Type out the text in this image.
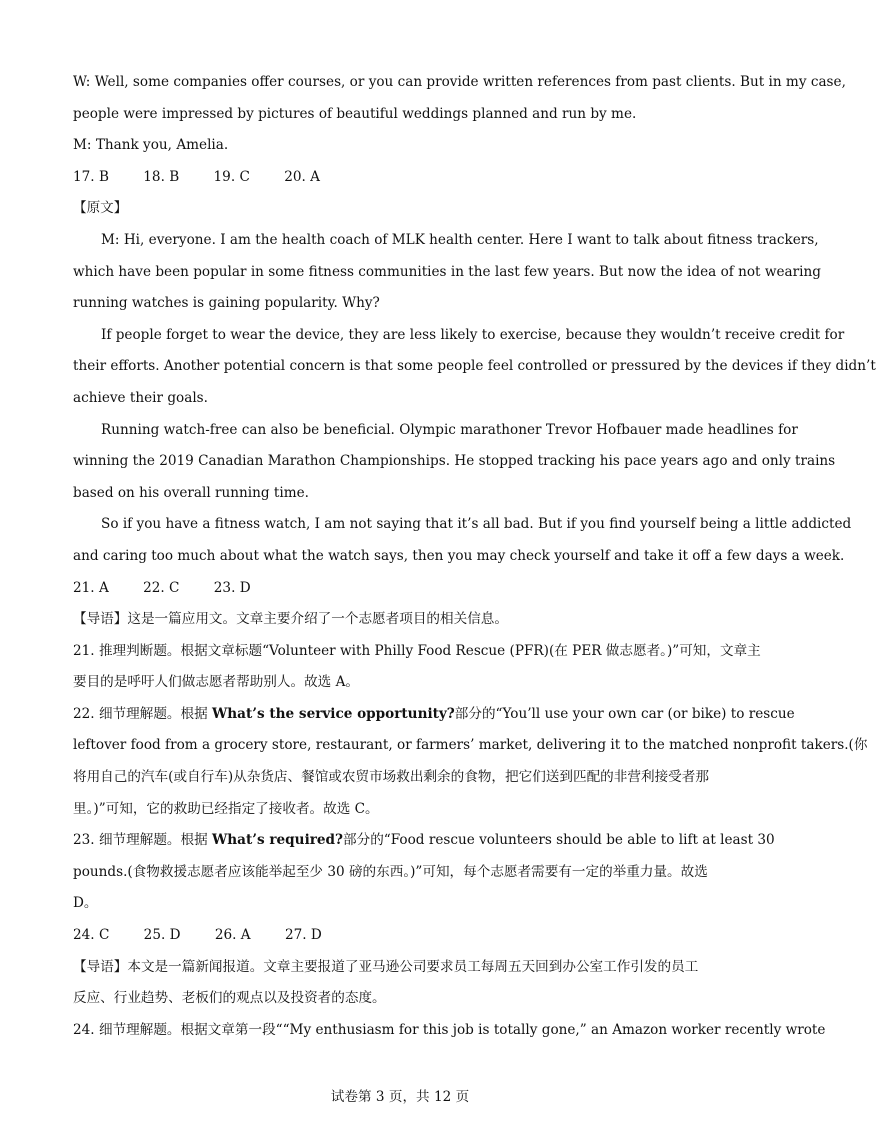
W: Well, some companies offer courses, or you can provide written references from past clients. But in my case,
people were impressed by pictures of beautiful weddings planned and run by me.
M: Thank you, Amelia.
17. B	18. B	19. C	20. A
【原文】
M: Hi, everyone. I am the health coach of MLK health center. Here I want to talk about fitness trackers,
which have been popular in some fitness communities in the last few years. But now the idea of not wearing
running watches is gaining popularity. Why?
If people forget to wear the device, they are less likely to exercise, because they wouldn’t receive credit for
their efforts. Another potential concern is that some people feel controlled or pressured by the devices if they didn’t
achieve their goals.
Running watch-free can also be beneficial. Olympic marathoner Trevor Hofbauer made headlines for
winning the 2019 Canadian Marathon Championships. He stopped tracking his pace years ago and only trains
based on his overall running time.
So if you have a fitness watch, I am not saying that it’s all bad. But if you find yourself being a little addicted
and caring too much about what the watch says, then you may check yourself and take it off a few days a week.
21. A	22. C	23. D
【导语】这是一篇应用文。文章主要介绍了一个志愿者项目的相关信息。
21. 推理判断题。根据文章标题“Volunteer with Philly Food Rescue (PFR)(在 PER 做志愿者。)”可知，文章主
要目的是呼吁人们做志愿者帮助别人。故选 A。
22. 细节理解题。根据 What’s the service opportunity?部分的“You’ll use your own car (or bike) to rescue
leftover food from a grocery store, restaurant, or farmers’ market, delivering it to the matched nonprofit takers.(你
将用自己的汽车(或自行车)从杂货店、餐馆或农贸市场救出剩余的食物，把它们送到匹配的非营利接受者那
里。)”可知，它的救助已经指定了接收者。故选 C。
23. 细节理解题。根据 What’s required?部分的“Food rescue volunteers should be able to lift at least 30
pounds.(食物救援志愿者应该能举起至少 30 磅的东西。)”可知，每个志愿者需要有一定的举重力量。故选
D。
24. C	25. D	26. A	27. D
【导语】本文是一篇新闻报道。文章主要报道了亚马逊公司要求员工每周五天回到办公室工作引发的员工
反应、行业趋势、老板们的观点以及投资者的态度。
24. 细节理解题。根据文章第一段““My enthusiasm for this job is totally gone,” an Amazon worker recently wrote
试卷第 3 页，共 12 页
